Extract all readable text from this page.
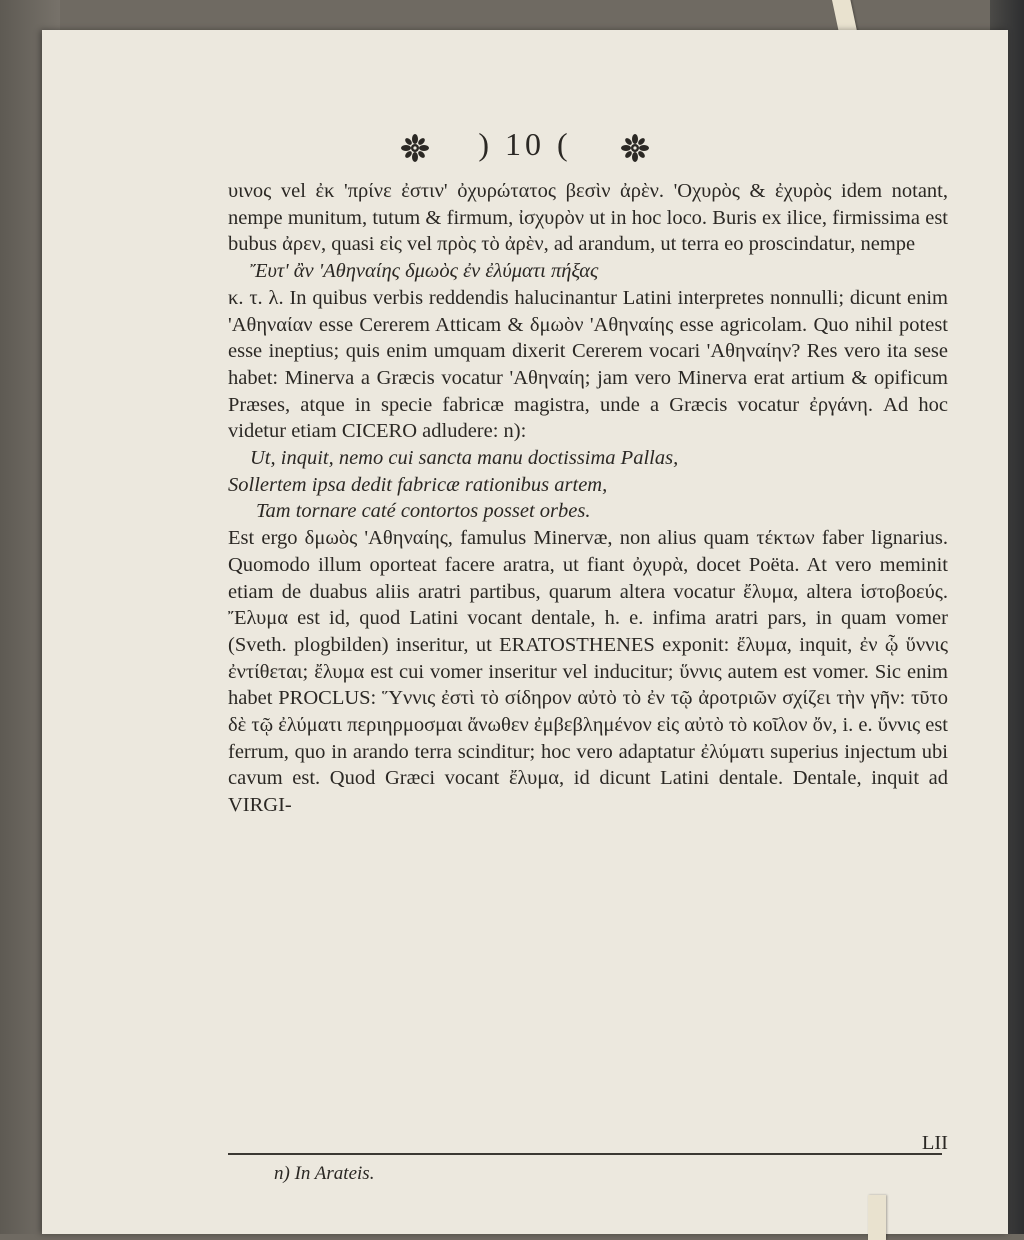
) 10 (

υινος vel ἐκ 'πρίνε ἐστιν' ὀχυρώτατος βεσὶν ἀρὲν. 'Οχυρὸς & ἐχυρὸς idem notant, nempe munitum, tutum & firmum, ἰσχυρὸν ut in hoc loco. Buris ex ilice, firmissima est bubus ἀρεν, quasi εἰς vel πρὸς τὸ ἀρὲν, ad arandum, ut terra eo proscindatur, nempe

Ἔυτ' ἂν 'Αθηναίης δμωὸς ἐν ἐλύματι πήξας

κ. τ. λ. In quibus verbis reddendis halucinantur Latini interpretes nonnulli; dicunt enim 'Αθηναίαν esse Cererem Atticam & δμωὸν 'Αθηναίης esse agricolam. Quo nihil potest esse ineptius; quis enim umquam dixerit Cererem vocari 'Αθηναίην? Res vero ita sese habet: Minerva a Græcis vocatur 'Αθηναίη; jam vero Minerva erat artium & opificum Præses, atque in specie fabricæ magistra, unde a Græcis vocatur ἐργάνη. Ad hoc videtur etiam CICERO adludere: n):

Ut, inquit, nemo cui sancta manu doctissima Pallas,

Sollertem ipsa dedit fabricæ rationibus artem,

Tam tornare caté contortos posset orbes.

Est ergo δμωὸς 'Αθηναίης, famulus Minervæ, non alius quam τέκτων faber lignarius. Quomodo illum oporteat facere aratra, ut fiant ὀχυρὰ, docet Poëta. At vero meminit etiam de duabus aliis aratri partibus, quarum altera vocatur ἔλυμα, altera ἱστοβοεύς. Ἔλυμα est id, quod Latini vocant dentale, h. e. infima aratri pars, in quam vomer (Sveth. plogbilden) inseritur, ut ERATOSTHENES exponit: ἔλυμα, inquit, ἐν ᾧ ὕννις ἐντίθεται; ἔλυμα est cui vomer inseritur vel inducitur; ὕννις autem est vomer. Sic enim habet PROCLUS: Ὕννις ἐστὶ τὸ σίδηρον αὐτὸ τὸ ἐν τῷ ἀροτριῶν σχίζει τὴν γῆν: τῦτο δὲ τῷ ἐλύματι περιηρμοσμαι ἄνωθεν ἐμβεβλημένον εἰς αὐτὸ τὸ κοῖλον ὄν, i. e. ὕννις est ferrum, quo in arando terra scinditur; hoc vero adaptatur ἐλύματι superius injectum ubi cavum est. Quod Græci vocant ἔλυμα, id dicunt Latini dentale. Dentale, inquit ad VIRGI-

LII
n) In Arateis.
